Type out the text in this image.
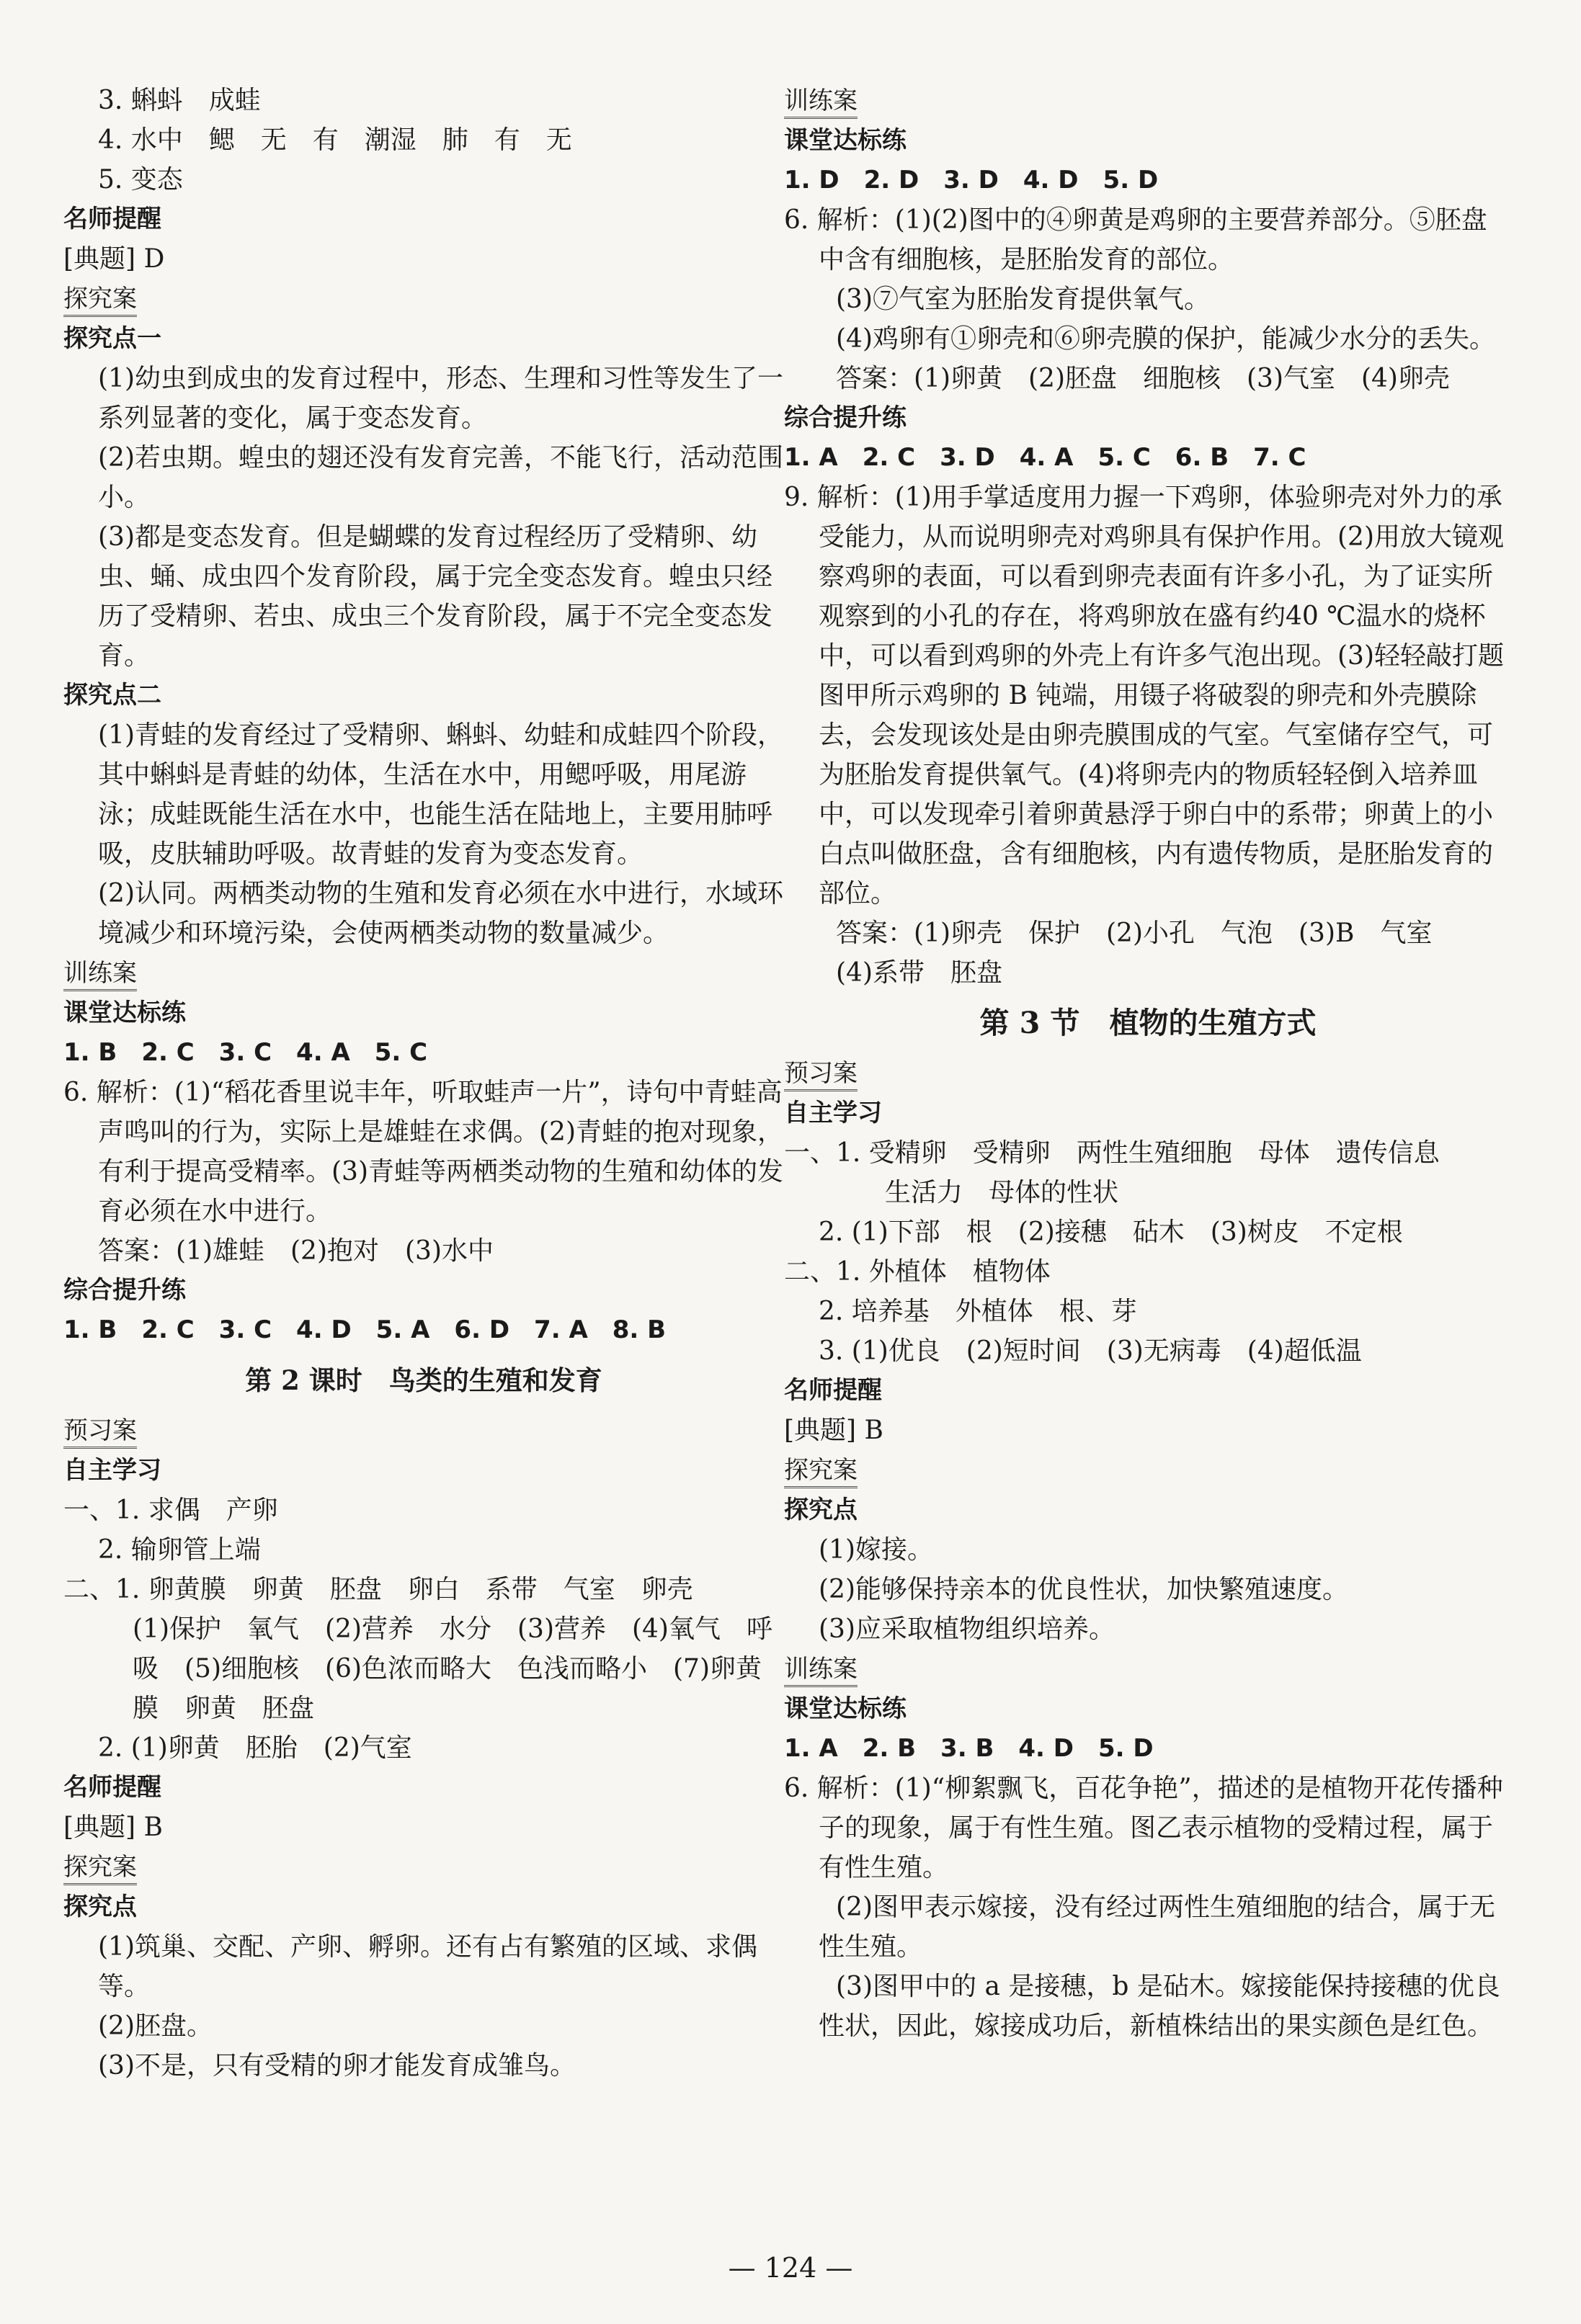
3. 蝌蚪　成蛙
4. 水中　鳃　无　有　潮湿　肺　有　无
5. 变态
名师提醒
[典题] D
探究案
探究点一
(1)幼虫到成虫的发育过程中，形态、生理和习性等发生了一系列显著的变化，属于变态发育。
(2)若虫期。蝗虫的翅还没有发育完善，不能飞行，活动范围小。
(3)都是变态发育。但是蝴蝶的发育过程经历了受精卵、幼虫、蛹、成虫四个发育阶段，属于完全变态发育。蝗虫只经历了受精卵、若虫、成虫三个发育阶段，属于不完全变态发育。
探究点二
(1)青蛙的发育经过了受精卵、蝌蚪、幼蛙和成蛙四个阶段，其中蝌蚪是青蛙的幼体，生活在水中，用鳃呼吸，用尾游泳；成蛙既能生活在水中，也能生活在陆地上，主要用肺呼吸，皮肤辅助呼吸。故青蛙的发育为变态发育。
(2)认同。两栖类动物的生殖和发育必须在水中进行，水域环境减少和环境污染，会使两栖类动物的数量减少。
训练案
课堂达标练
1. B　2. C　3. C　4. A　5. C
6. 解析：(1)“稻花香里说丰年，听取蛙声一片”，诗句中青蛙高声鸣叫的行为，实际上是雄蛙在求偶。(2)青蛙的抱对现象，有利于提高受精率。(3)青蛙等两栖类动物的生殖和幼体的发育必须在水中进行。
答案：(1)雄蛙　(2)抱对　(3)水中
综合提升练
1. B　2. C　3. C　4. D　5. A　6. D　7. A　8. B
第 2 课时　鸟类的生殖和发育
预习案
自主学习
一、1. 求偶　产卵
2. 输卵管上端
二、1. 卵黄膜　卵黄　胚盘　卵白　系带　气室　卵壳
(1)保护　氧气　(2)营养　水分　(3)营养　(4)氧气　呼吸　(5)细胞核　(6)色浓而略大　色浅而略小　(7)卵黄膜　卵黄　胚盘
2. (1)卵黄　胚胎　(2)气室
名师提醒
[典题] B
探究案
探究点
(1)筑巢、交配、产卵、孵卵。还有占有繁殖的区域、求偶等。
(2)胚盘。
(3)不是，只有受精的卵才能发育成雏鸟。
训练案
课堂达标练
1. D　2. D　3. D　4. D　5. D
6. 解析：(1)(2)图中的④卵黄是鸡卵的主要营养部分。⑤胚盘中含有细胞核，是胚胎发育的部位。
(3)⑦气室为胚胎发育提供氧气。
(4)鸡卵有①卵壳和⑥卵壳膜的保护，能减少水分的丢失。
答案：(1)卵黄　(2)胚盘　细胞核　(3)气室　(4)卵壳
综合提升练
1. A　2. C　3. D　4. A　5. C　6. B　7. C
9. 解析：(1)用手掌适度用力握一下鸡卵，体验卵壳对外力的承受能力，从而说明卵壳对鸡卵具有保护作用。(2)用放大镜观察鸡卵的表面，可以看到卵壳表面有许多小孔，为了证实所观察到的小孔的存在，将鸡卵放在盛有约40 ℃温水的烧杯中，可以看到鸡卵的外壳上有许多气泡出现。(3)轻轻敲打题图甲所示鸡卵的 B 钝端，用镊子将破裂的卵壳和外壳膜除去，会发现该处是由卵壳膜围成的气室。气室储存空气，可为胚胎发育提供氧气。(4)将卵壳内的物质轻轻倒入培养皿中，可以发现牵引着卵黄悬浮于卵白中的系带；卵黄上的小白点叫做胚盘，含有细胞核，内有遗传物质，是胚胎发育的部位。
答案：(1)卵壳　保护　(2)小孔　气泡　(3)B　气室
(4)系带　胚盘
第 3 节　植物的生殖方式
预习案
自主学习
一、1. 受精卵　受精卵　两性生殖细胞　母体　遗传信息
生活力　母体的性状
2. (1)下部　根　(2)接穗　砧木　(3)树皮　不定根
二、1. 外植体　植物体
2. 培养基　外植体　根、芽
3. (1)优良　(2)短时间　(3)无病毒　(4)超低温
名师提醒
[典题] B
探究案
探究点
(1)嫁接。
(2)能够保持亲本的优良性状，加快繁殖速度。
(3)应采取植物组织培养。
训练案
课堂达标练
1. A　2. B　3. B　4. D　5. D
6. 解析：(1)“柳絮飘飞，百花争艳”，描述的是植物开花传播种子的现象，属于有性生殖。图乙表示植物的受精过程，属于有性生殖。
(2)图甲表示嫁接，没有经过两性生殖细胞的结合，属于无性生殖。
(3)图甲中的 a 是接穗，b 是砧木。嫁接能保持接穗的优良性状，因此，嫁接成功后，新植株结出的果实颜色是红色。
— 124 —
